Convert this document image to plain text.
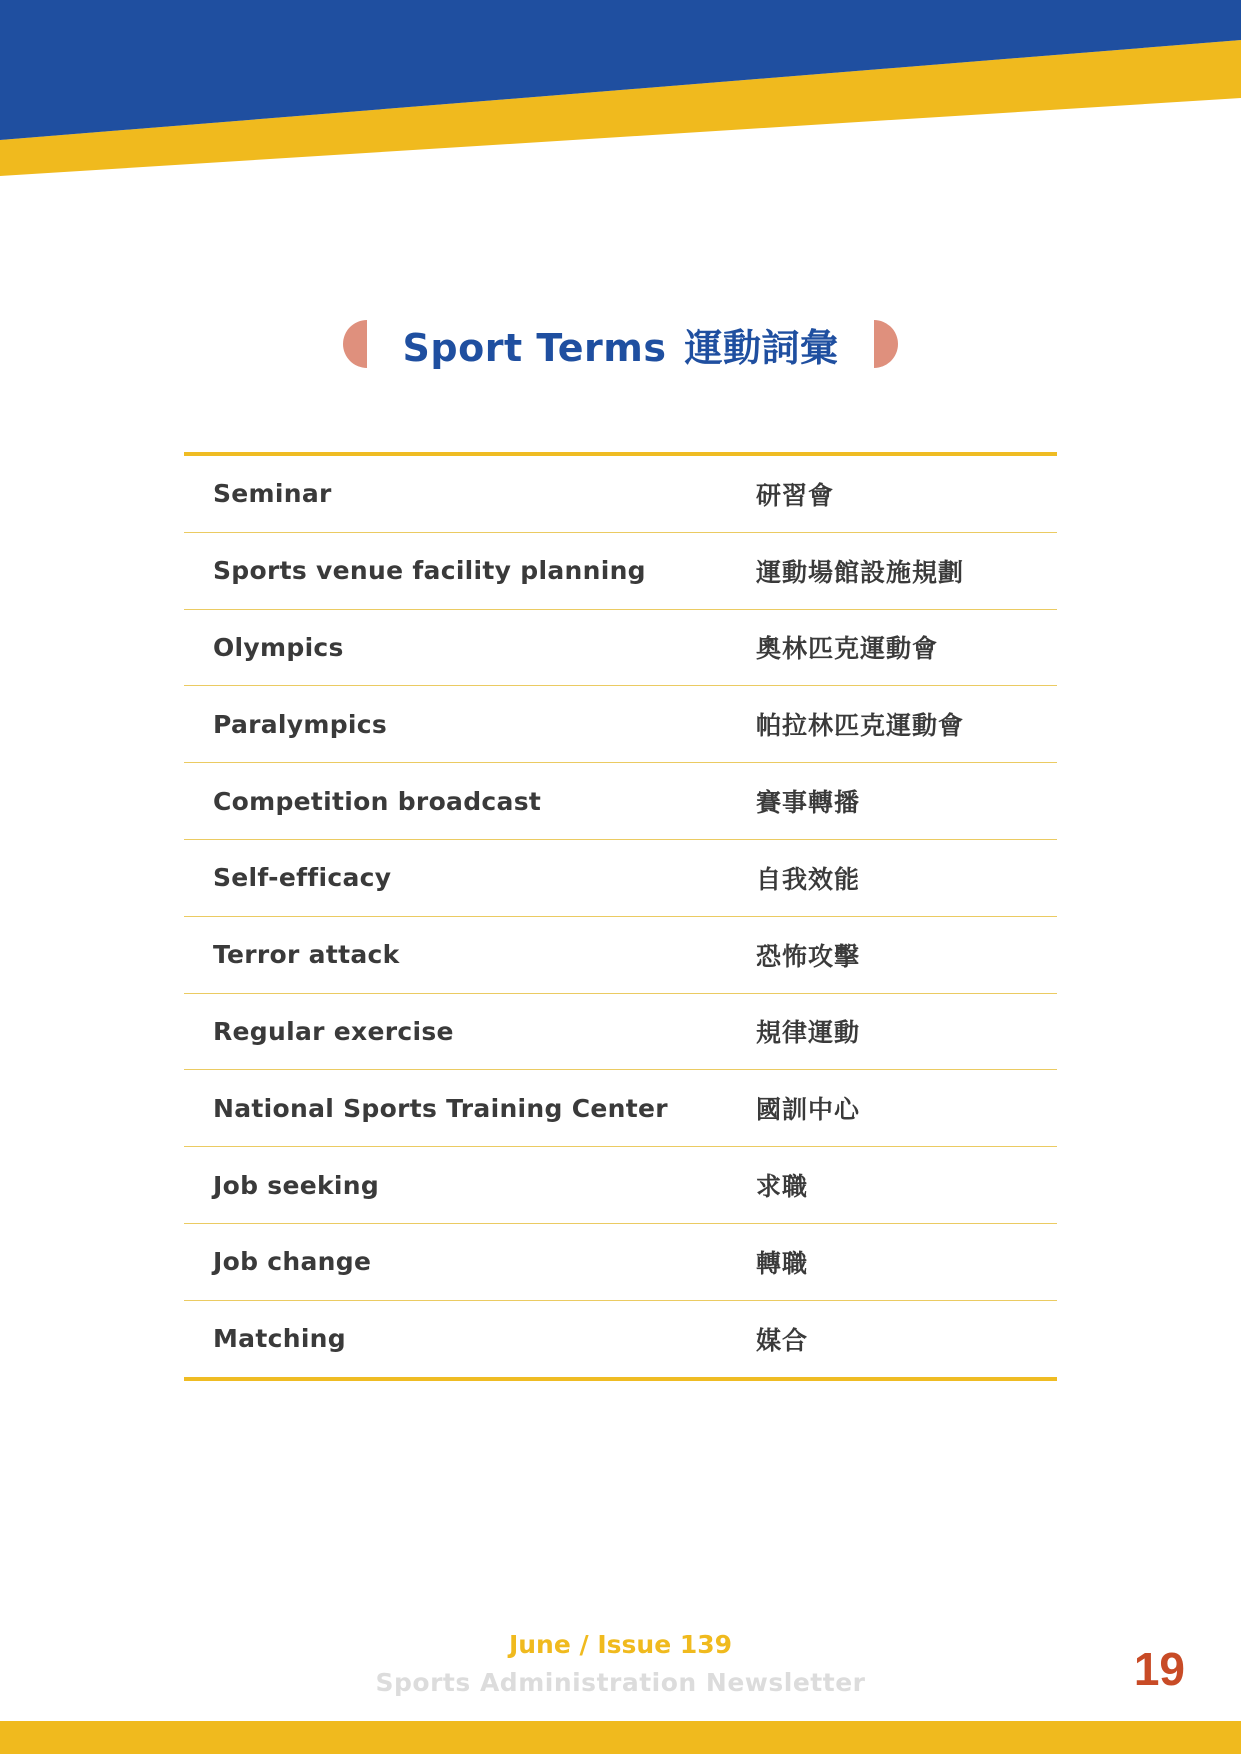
Sport Terms 運動詞彙
Seminar	研習會
Sports venue facility planning	運動場館設施規劃
Olympics	奧林匹克運動會
Paralympics	帕拉林匹克運動會
Competition broadcast	賽事轉播
Self-efficacy	自我效能
Terror attack	恐怖攻擊
Regular exercise	規律運動
National Sports Training Center	國訓中心
Job seeking	求職
Job change	轉職
Matching	媒合
June / Issue 139
Sports Administration Newsletter	19
